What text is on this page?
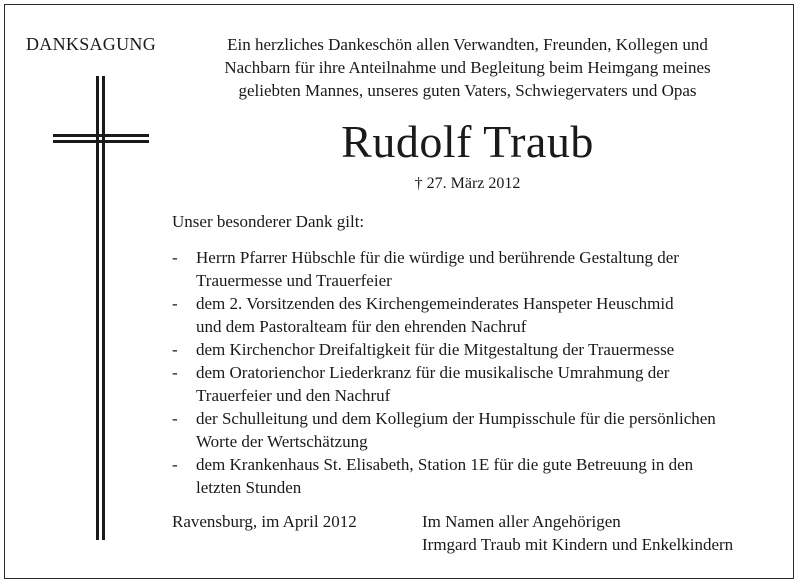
DANKSAGUNG	Ein herzliches Dankeschön allen Verwandten, Freunden, Kollegen und
Nachbarn für ihre Anteilnahme und Begleitung beim Heimgang meines
geliebten Mannes, unseres guten Vaters, Schwiegervaters und Opas
Rudolf Traub
† 27. März 2012
Unser besonderer Dank gilt:
- Herrn Pfarrer Hübschle für die würdige und berührende Gestaltung der
Trauermesse und Trauerfeier
- dem 2. Vorsitzenden des Kirchengemeinderates Hanspeter Heuschmid
und dem Pastoralteam für den ehrenden Nachruf
- dem Kirchenchor Dreifaltigkeit für die Mitgestaltung der Trauermesse
- dem Oratorienchor Liederkranz für die musikalische Umrahmung der
Trauerfeier und den Nachruf
- der Schulleitung und dem Kollegium der Humpisschule für die persönlichen
Worte der Wertschätzung
- dem Krankenhaus St. Elisabeth, Station 1E für die gute Betreuung in den
letzten Stunden
Ravensburg, im April 2012	Im Namen aller Angehörigen
Irmgard Traub mit Kindern und Enkelkindern
